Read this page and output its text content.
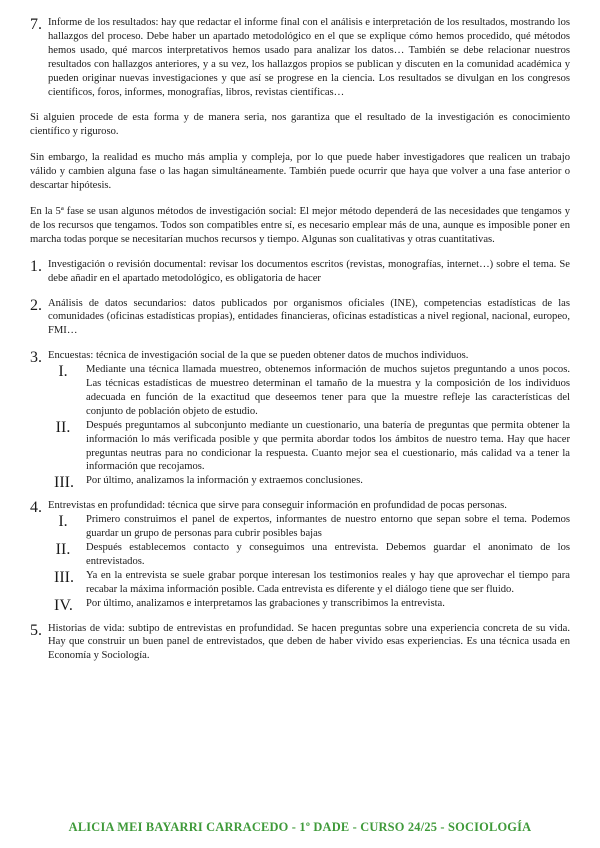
7. Informe de los resultados: hay que redactar el informe final con el análisis e interpretación de los resultados, mostrando los hallazgos del proceso. Debe haber un apartado metodológico en el que se explique cómo hemos procedido, qué métodos hemos usado, qué marcos interpretativos hemos usado para analizar los datos… También se debe relacionar nuestros resultados con hallazgos anteriores, y a su vez, los hallazgos propios se publican y discuten en la comunidad académica y pueden originar nuevas investigaciones y que así se progrese en la ciencia. Los resultados se divulgan en los congresos científicos, foros, informes, monografías, libros, revistas científicas…

Si alguien procede de esta forma y de manera seria, nos garantiza que el resultado de la investigación es conocimiento científico y riguroso.

Sin embargo, la realidad es mucho más amplia y compleja, por lo que puede haber investigadores que realicen un trabajo válido y cambien alguna fase o las hagan simultáneamente. También puede ocurrir que haya que volver a una fase anterior o descartar hipótesis.

En la 5ª fase se usan algunos métodos de investigación social: El mejor método dependerá de las necesidades que tengamos y de los recursos que tengamos. Todos son compatibles entre sí, es necesario emplear más de una, aunque es imposible poner en marcha todas porque se necesitarían muchos recursos y tiempo. Algunas son cualitativas y otras cuantitativas.

1. Investigación o revisión documental: revisar los documentos escritos (revistas, monografías, internet…) sobre el tema. Se debe añadir en el apartado metodológico, es obligatoria de hacer

2. Análisis de datos secundarios: datos publicados por organismos oficiales (INE), competencias estadísticas de las comunidades (oficinas estadísticas propias), entidades financieras, oficinas estadísticas a nivel regional, nacional, europeo, FMI…

3. Encuestas: técnica de investigación social de la que se pueden obtener datos de muchos individuos.

I.	Mediante una técnica llamada muestreo, obtenemos información de muchos sujetos preguntando a unos pocos. Las técnicas estadísticas de muestreo determinan el tamaño de la muestra y la composición de los individuos adecuada en función de la exactitud que deseemos tener para que la muestre refleje las características del conjunto de población objeto de estudio.

II. Después preguntamos al subconjunto mediante un cuestionario, una batería de preguntas que permita obtener la información lo más verificada posible y que permita abordar todos los ámbitos de nuestro tema. Hay que hacer preguntas neutras para no condicionar la respuesta. Cuanto mejor sea el cuestionario, más calidad va a tener la información que recojamos.

III. Por último, analizamos la información y extraemos conclusiones.

4. Entrevistas en profundidad: técnica que sirve para conseguir información en profundidad de pocas personas.

I.	Primero construimos el panel de expertos, informantes de nuestro entorno que sepan sobre el tema. Podemos guardar un grupo de personas para cubrir posibles bajas

II. Después establecemos contacto y conseguimos una entrevista. Debemos guardar el anonimato de los entrevistados.

III. Ya en la entrevista se suele grabar porque interesan los testimonios reales y hay que aprovechar el tiempo para recabar la máxima información posible. Cada entrevista es diferente y el diálogo tiene que ser fluido.

IV. Por último, analizamos e interpretamos las grabaciones y transcribimos la entrevista.

5. Historias de vida: subtipo de entrevistas en profundidad. Se hacen preguntas sobre una experiencia concreta de su vida. Hay que construir un buen panel de entrevistados, que deben de haber vivido esas experiencias. Es una técnica usada en Economía y Sociología.

ALICIA MEI BAYARRI CARRACEDO - 1º DADE - CURSO 24/25 - SOCIOLOGÍA
